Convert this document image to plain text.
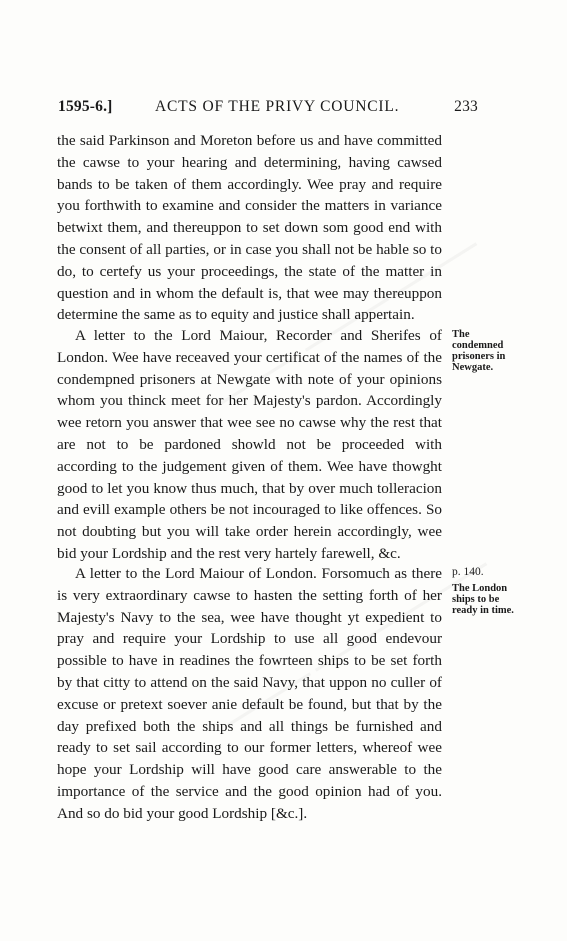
1595-6.]	ACTS OF THE PRIVY COUNCIL.	233
the said Parkinson and Moreton before us and have committed the cawse to your hearing and determining, having cawsed bands to be taken of them accordingly. Wee pray and require you forthwith to examine and consider the matters in variance betwixt them, and thereuppon to set down som good end with the consent of all parties, or in case you shall not be hable so to do, to certefy us your proceedings, the state of the matter in question and in whom the default is, that wee may thereuppon determine the same as to equity and justice shall appertain.
A letter to the Lord Maiour, Recorder and Sherifes of London. Wee have receaved your certificat of the names of the condempned prisoners at Newgate with note of your opinions whom you thinck meet for her Majesty's pardon. Accordingly wee retorn you answer that wee see no cawse why the rest that are not to be pardoned showld not be proceeded with according to the judgement given of them. Wee have thowght good to let you know thus much, that by over much tolleracion and evill example others be not incouraged to like offences. So not doubting but you will take order herein accordingly, wee bid your Lordship and the rest very hartely farewell, &c.
A letter to the Lord Maiour of London. Forsomuch as there is very extraordinary cawse to hasten the setting forth of her Majesty's Navy to the sea, wee have thought yt expedient to pray and require your Lordship to use all good endevour possible to have in readines the fowrteen ships to be set forth by that citty to attend on the said Navy, that uppon no culler of excuse or pretext soever anie default be found, but that by the day prefixed both the ships and all things be furnished and ready to set sail according to our former letters, whereof wee hope your Lordship will have good care answerable to the importance of the service and the good opinion had of you. And so do bid your good Lordship [&c.].
The condemned prisoners in Newgate.
p. 140.
The London ships to be ready in time.
